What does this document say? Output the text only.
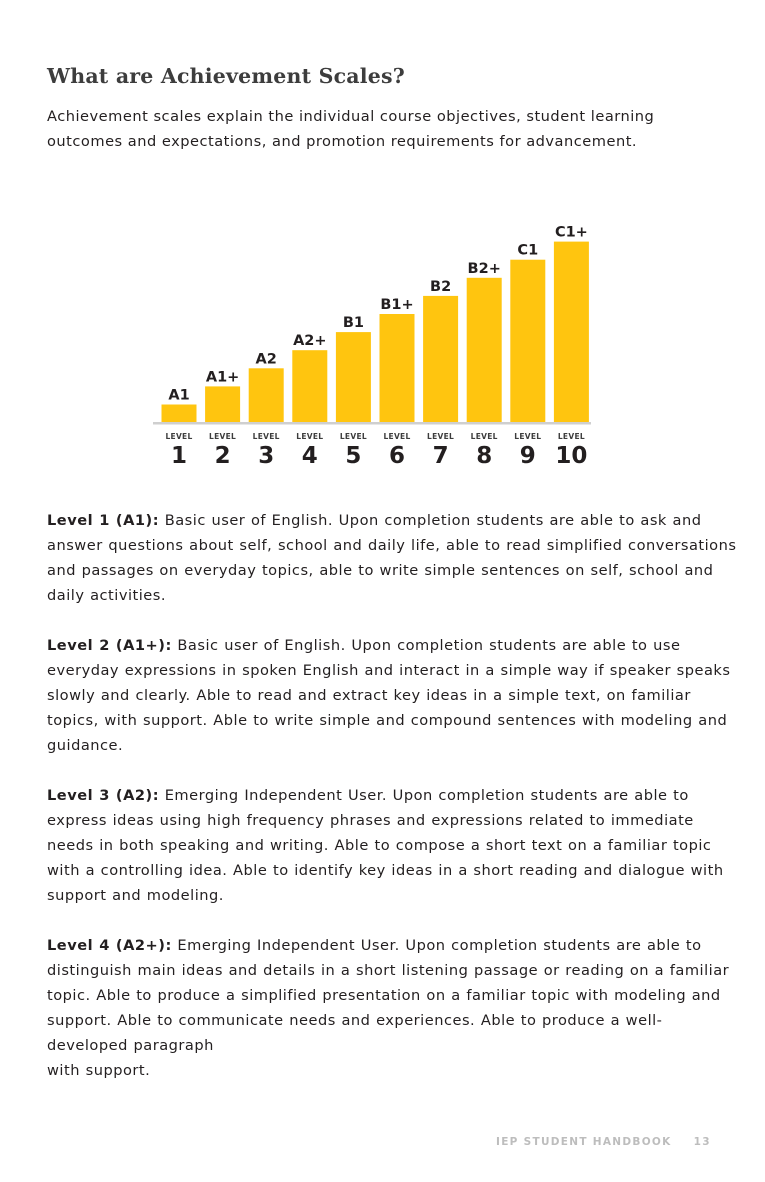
What are Achievement Scales?

Achievement scales explain the individual course objectives, student learning outcomes and expectations, and promotion requirements for advancement.

A1
LEVEL
1
A1+
LEVEL
2
A2
LEVEL
3
A2+
LEVEL
4
B1
LEVEL
5
B1+
LEVEL
6
B2
LEVEL
7
B2+
LEVEL
8
C1
LEVEL
9
C1+
LEVEL
10

Level 1 (A1): Basic user of English. Upon completion students are able to ask and answer questions about self, school and daily life, able to read simplified conversations and passages on everyday topics, able to write simple sentences on self, school and daily activities.

Level 2 (A1+): Basic user of English. Upon completion students are able to use everyday expressions in spoken English and interact in a simple way if speaker speaks slowly and clearly. Able to read and extract key ideas in a simple text, on familiar topics, with support. Able to write simple and compound sentences with modeling and guidance.

Level 3 (A2): Emerging Independent User. Upon completion students are able to express ideas using high frequency phrases and expressions related to immediate needs in both speaking and writing. Able to compose a short text on a familiar topic with a controlling idea. Able to identify key ideas in a short reading and dialogue with support and modeling.

Level 4 (A2+): Emerging Independent User. Upon completion students are able to distinguish main ideas and details in a short listening passage or reading on a familiar topic. Able to produce a simplified presentation on a familiar topic with modeling and support. Able to communicate needs and experiences. Able to produce a well-developed paragraph
with support.

IEP STUDENT HANDBOOK 13
